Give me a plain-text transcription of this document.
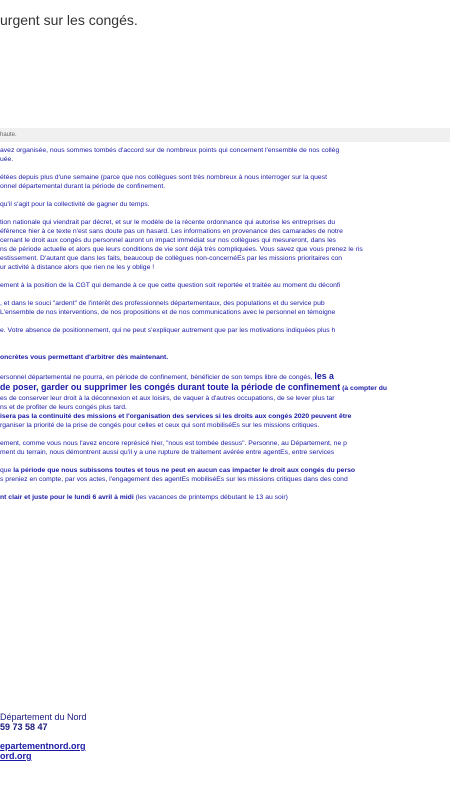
urgent sur les congés.
haute.

avez organisée, nous sommes tombés d'accord sur de nombreux points qui concernent l'ensemble de nos collèg

uée.

étées depuis plus d'une semaine (parce que nos collègues sont très nombreux à nous interroger sur la quest

onnel départemental durant la période de confinement.

qu'il s'agit pour la collectivité de gagner du temps.

tion nationale qui viendrait par décret, et sur le modèle de la récente ordonnance qui autorise les entreprises du

éférence hier à ce texte n'est sans doute pas un hasard. Les informations en provenance des camarades de notre

cernant le droit aux congés du personnel auront un impact immédiat sur nos collègues qui mesureront, dans les

ns de période actuelle et alors que leurs conditions de vie sont déjà très compliquées. Vous savez que vous prenez le ris

estissement. D'autant que dans les faits, beaucoup de collègues non-concernéEs par les missions prioritaires con

ur activité à distance alors que rien ne les y oblige !

ement à la position de la CGT qui demande à ce que cette question soit reportée et traitée au moment du déconfi

, et dans le souci "ardent" de l'intérêt des professionnels départementaux, des populations et du service pub

L'ensemble de nos interventions, de nos propositions et de nos communications avec le personnel en témoigne

e. Votre absence de positionnement, qui ne peut s'expliquer autrement que par les motivations indiquées plus h

oncrètes vous permettant d'arbitrer dès maintenant.

ersonnel départemental ne pourra, en période de confinement, bénéficier de son temps libre de congés, les a

de poser, garder ou supprimer les congés durant toute la période de confinement (à compter du

es de conserver leur droit à la déconnexion et aux loisirs, de vaquer à d'autres occupations, de se lever plus tar

ns et de profiter de leurs congés plus tard.

isera pas la continuité des missions et l'organisation des services si les droits aux congés 2020 peuvent être

rganiser la priorité de la prise de congés pour celles et ceux qui sont mobiliséEs sur les missions critiques.

ement, comme vous nous l'avez encore représicé hier, "nous est tombée dessus". Personne, au Département, ne p

ment du terrain, nous démontrent aussi qu'il y a une rupture de traitement avérée entre agentEs, entre services

que la période que nous subissons toutes et tous ne peut en aucun cas impacter le droit aux congés du perso

s preniez en compte, par vos actes, l'engagement des agentEs mobiliséEs sur les missions critiques dans des cond

nt clair et juste pour le lundi 6 avril à midi (les vacances de printemps débutant le 13 au soir)

Département du Nord

59 73 58 47

epartementnord.org

ord.org
